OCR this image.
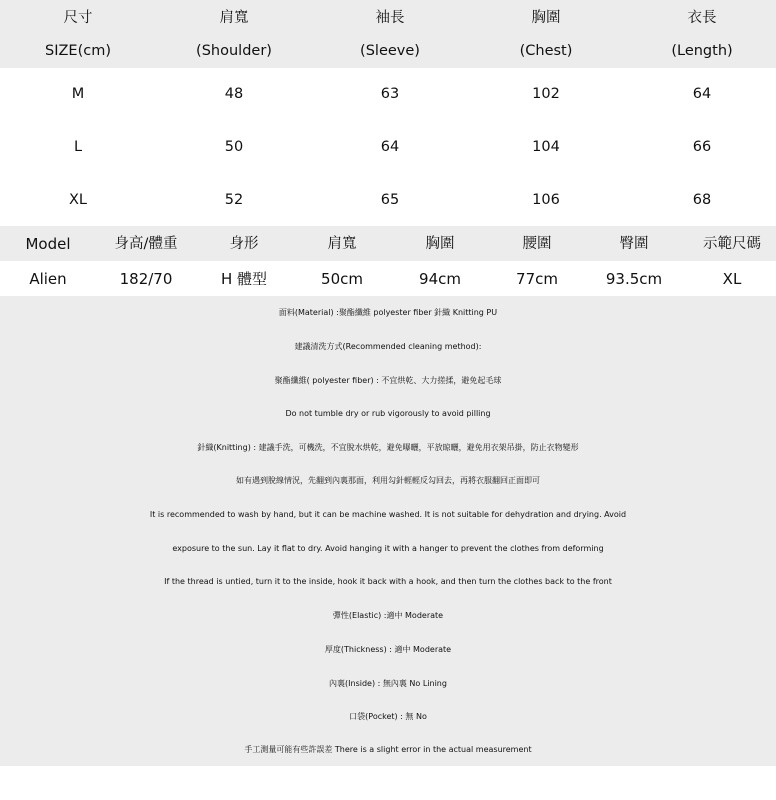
尺寸	肩寬	袖長	胸圍	衣長
SIZE(cm)	(Shoulder)	(Sleeve)	(Chest)	(Length)
M	48	63	102	64
L	50	64	104	66
XL	52	65	106	68
Model	身高/體重	身形	肩寬	胸圍	腰圍	臀圍	示範尺碼
Alien	182/70	H 體型	50cm	94cm	77cm	93.5cm	XL
面料(Material) :聚酯纖維 polyester fiber 針織 Knitting PU
建議清洗方式(Recommended cleaning method):
聚酯纖維( polyester fiber) : 不宜烘乾、大力搓揉，避免起毛球
Do not tumble dry or rub vigorously to avoid pilling
針織(Knitting) : 建議手洗，可機洗，不宜脫水烘乾，避免曝曬，平放晾曬，避免用衣架吊掛，防止衣物變形
如有遇到脫線情況，先翻到內裏那面，利用勾針輕輕反勾回去，再將衣服翻回正面即可
It is recommended to wash by hand, but it can be machine washed. It is not suitable for dehydration and drying. Avoid
exposure to the sun. Lay it flat to dry. Avoid hanging it with a hanger to prevent the clothes from deforming
If the thread is untied, turn it to the inside, hook it back with a hook, and then turn the clothes back to the front
彈性(Elastic) :適中 Moderate
厚度(Thickness) : 適中 Moderate
內裏(Inside) : 無內裏 No Lining
口袋(Pocket) : 無 No
手工測量可能有些許誤差 There is a slight error in the actual measurement
